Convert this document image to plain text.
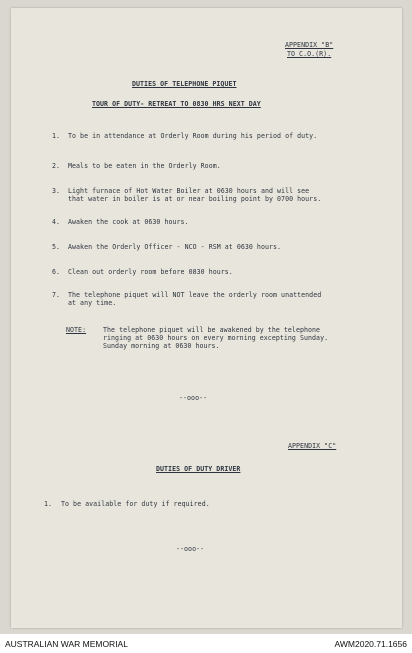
APPENDIX "B"
TO C.O.(R).
DUTIES OF TELEPHONE PIQUET
TOUR OF DUTY- RETREAT TO 0830 HRS NEXT DAY
1. To be in attendance at Orderly Room during his period of duty.
2. Meals to be eaten in the Orderly Room.
3. Light furnace of Hot Water Boiler at 0630 hours and will see
that water in boiler is at or near boiling point by 0700 hours.
4. Awaken the cook at 0630 hours.
5. Awaken the Orderly Officer - NCO - RSM at 0630 hours.
6. Clean out orderly room before 0830 hours.
7. The telephone piquet will NOT leave the orderly room unattended
at any time.
NOTE:	The telephone piquet will be awakened by the telephone
ringing at 0630 hours on every morning excepting Sunday.
Sunday morning at 0630 hours.
--ooo--
APPENDIX "C"
DUTIES OF DUTY DRIVER
1. To be available for duty if required.
--ooo--
AUSTRALIAN WAR MEMORIAL	AWM2020.71.1656
